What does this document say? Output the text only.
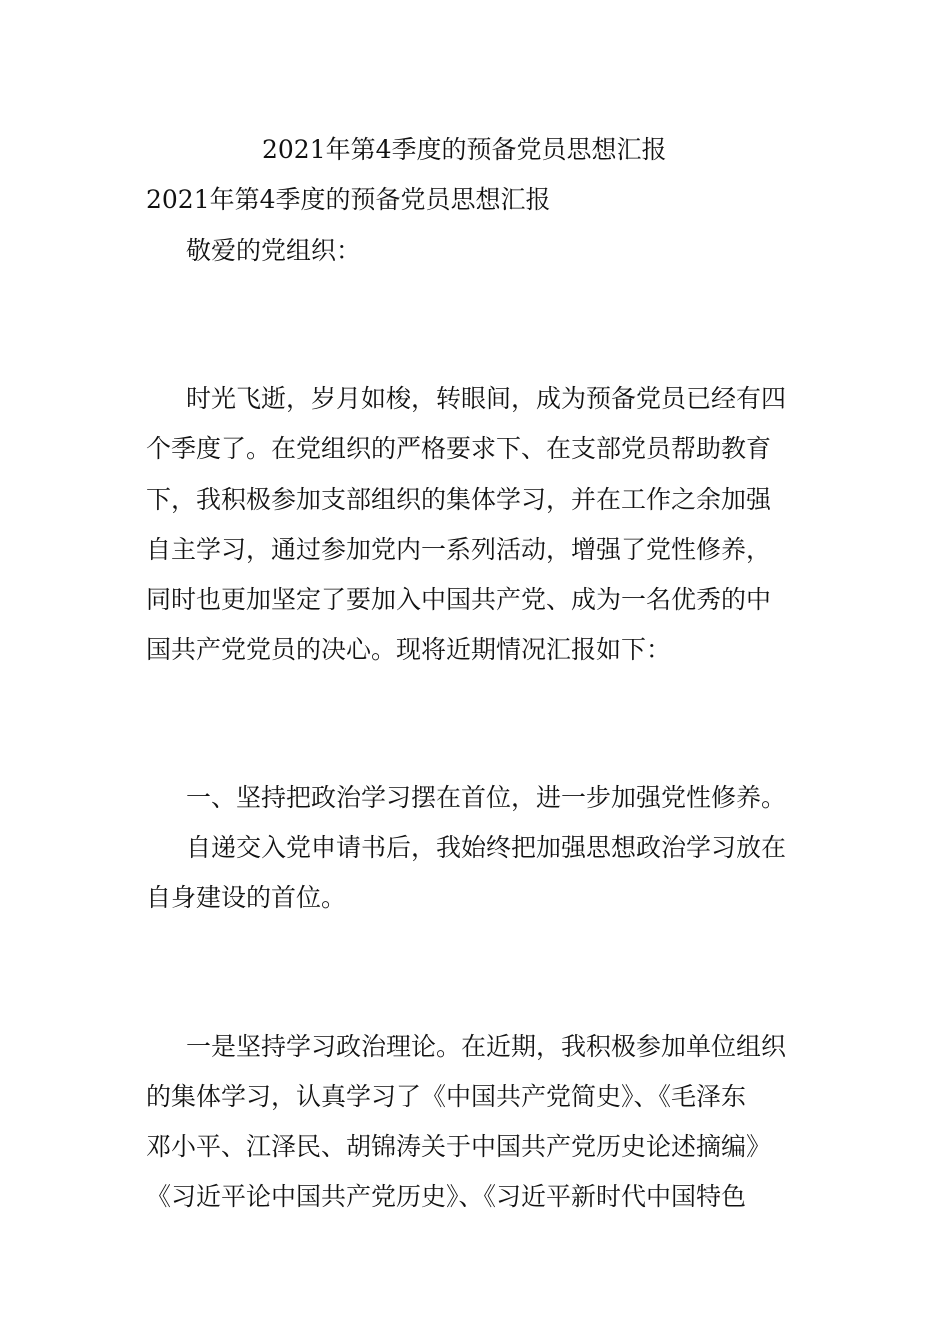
2021年第4季度的预备党员思想汇报
2021年第4季度的预备党员思想汇报
敬爱的党组织：
时光飞逝，岁月如梭，转眼间，成为预备党员已经有四
个季度了。在党组织的严格要求下、在支部党员帮助教育
下，我积极参加支部组织的集体学习，并在工作之余加强
自主学习，通过参加党内一系列活动，增强了党性修养，
同时也更加坚定了要加入中国共产党、成为一名优秀的中
国共产党党员的决心。现将近期情况汇报如下：
一、坚持把政治学习摆在首位，进一步加强党性修养。
自递交入党申请书后，我始终把加强思想政治学习放在
自身建设的首位。
一是坚持学习政治理论。在近期，我积极参加单位组织
的集体学习，认真学习了《中国共产党简史》、《毛泽东
邓小平、江泽民、胡锦涛关于中国共产党历史论述摘编》
《习近平论中国共产党历史》、《习近平新时代中国特色
